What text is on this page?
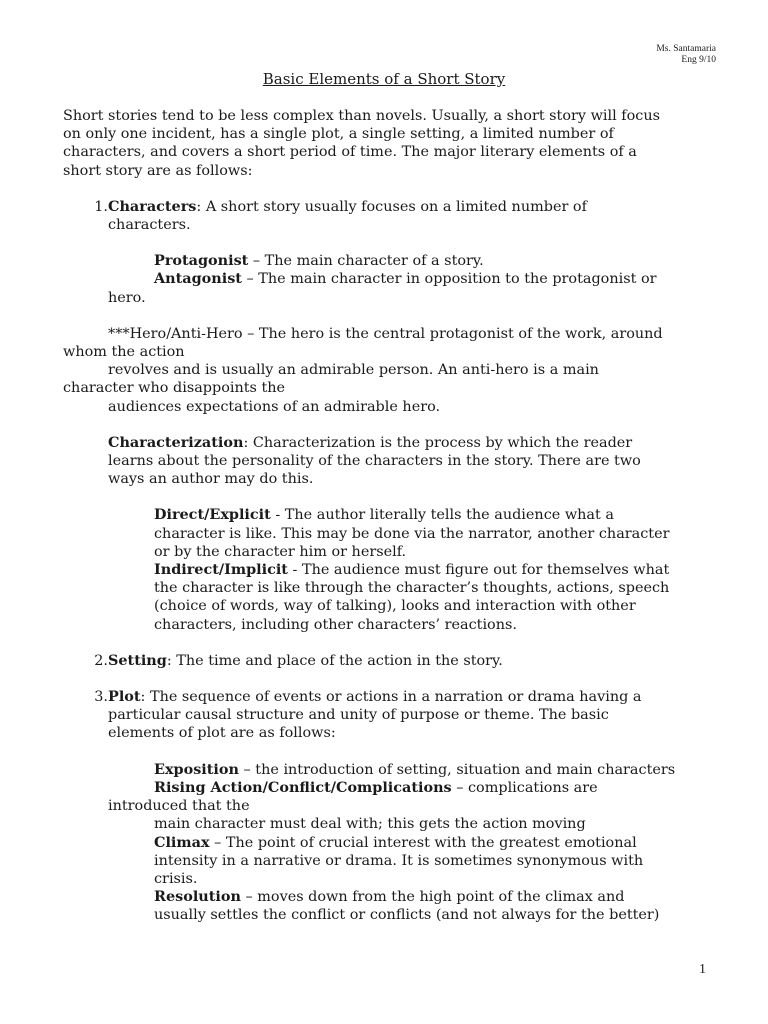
Ms. Santamaria
Eng 9/10
Basic Elements of a Short Story

Short stories tend to be less complex than novels. Usually, a short story will focus

on only one incident, has a single plot, a single setting, a limited number of

characters, and covers a short period of time. The major literary elements of a

short story are as follows:

1. Characters: A short story usually focuses on a limited number of

characters.

Protagonist – The main character of a story.

Antagonist – The main character in opposition to the protagonist or

hero.

***Hero/Anti-Hero – The hero is the central protagonist of the work, around

whom the action

revolves and is usually an admirable person. An anti-hero is a main

character who disappoints the

audiences expectations of an admirable hero.

Characterization: Characterization is the process by which the reader

learns about the personality of the characters in the story. There are two

ways an author may do this.

Direct/Explicit - The author literally tells the audience what a

character is like. This may be done via the narrator, another character

or by the character him or herself.

Indirect/Implicit - The audience must figure out for themselves what

the character is like through the character’s thoughts, actions, speech

(choice of words, way of talking), looks and interaction with other

characters, including other characters’ reactions.

2. Setting: The time and place of the action in the story.
3. Plot: The sequence of events or actions in a narration or drama having a

particular causal structure and unity of purpose or theme. The basic

elements of plot are as follows:

Exposition – the introduction of setting, situation and main characters

Rising Action/Conflict/Complications – complications are

introduced that the

main character must deal with; this gets the action moving

Climax – The point of crucial interest with the greatest emotional

intensity in a narrative or drama. It is sometimes synonymous with

crisis.

Resolution – moves down from the high point of the climax and

usually settles the conflict or conflicts (and not always for the better)

1
